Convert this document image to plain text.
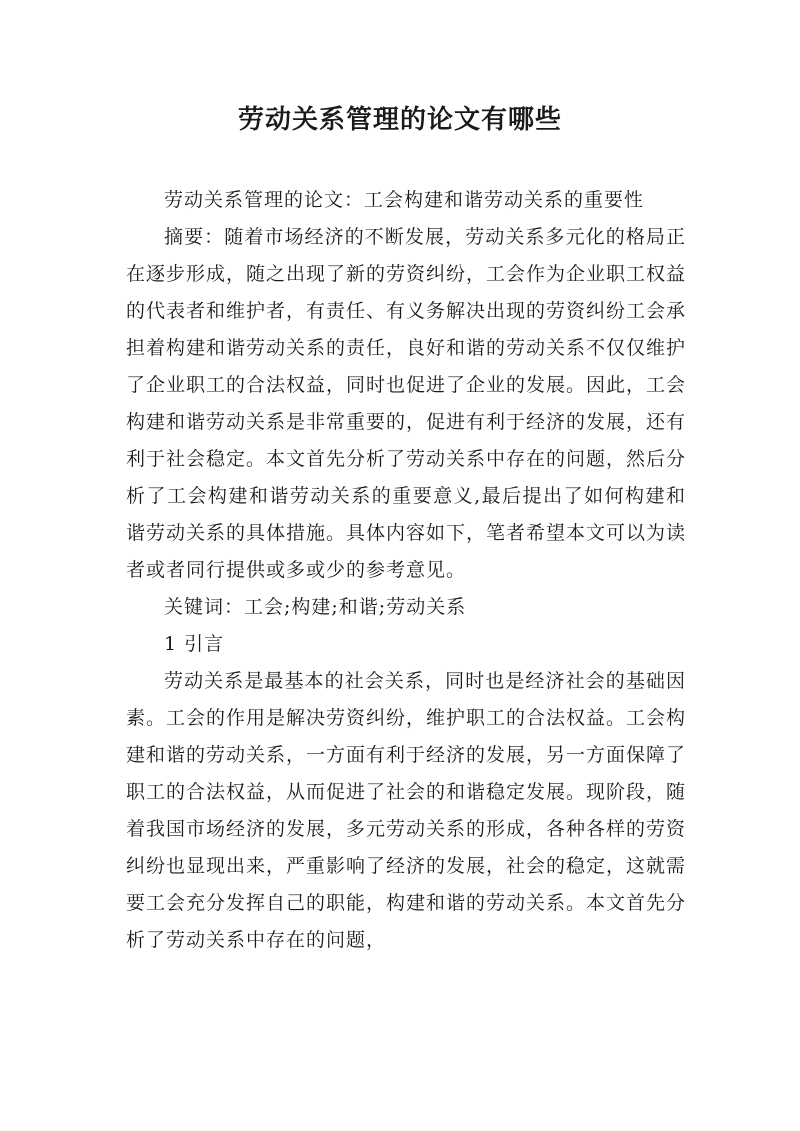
劳动关系管理的论文有哪些

劳动关系管理的论文：工会构建和谐劳动关系的重要性

摘要：随着市场经济的不断发展，劳动关系多元化的格局正在逐步形成，随之出现了新的劳资纠纷，工会作为企业职工权益的代表者和维护者，有责任、有义务解决出现的劳资纠纷工会承担着构建和谐劳动关系的责任，良好和谐的劳动关系不仅仅维护了企业职工的合法权益，同时也促进了企业的发展。因此，工会构建和谐劳动关系是非常重要的，促进有利于经济的发展，还有利于社会稳定。本文首先分析了劳动关系中存在的问题，然后分析了工会构建和谐劳动关系的重要意义,最后提出了如何构建和谐劳动关系的具体措施。具体内容如下，笔者希望本文可以为读者或者同行提供或多或少的参考意见。

关键词：工会;构建;和谐;劳动关系

1 引言

劳动关系是最基本的社会关系，同时也是经济社会的基础因素。工会的作用是解决劳资纠纷，维护职工的合法权益。工会构建和谐的劳动关系，一方面有利于经济的发展，另一方面保障了职工的合法权益，从而促进了社会的和谐稳定发展。现阶段，随着我国市场经济的发展，多元劳动关系的形成，各种各样的劳资纠纷也显现出来，严重影响了经济的发展，社会的稳定，这就需要工会充分发挥自己的职能，构建和谐的劳动关系。本文首先分析了劳动关系中存在的问题，
